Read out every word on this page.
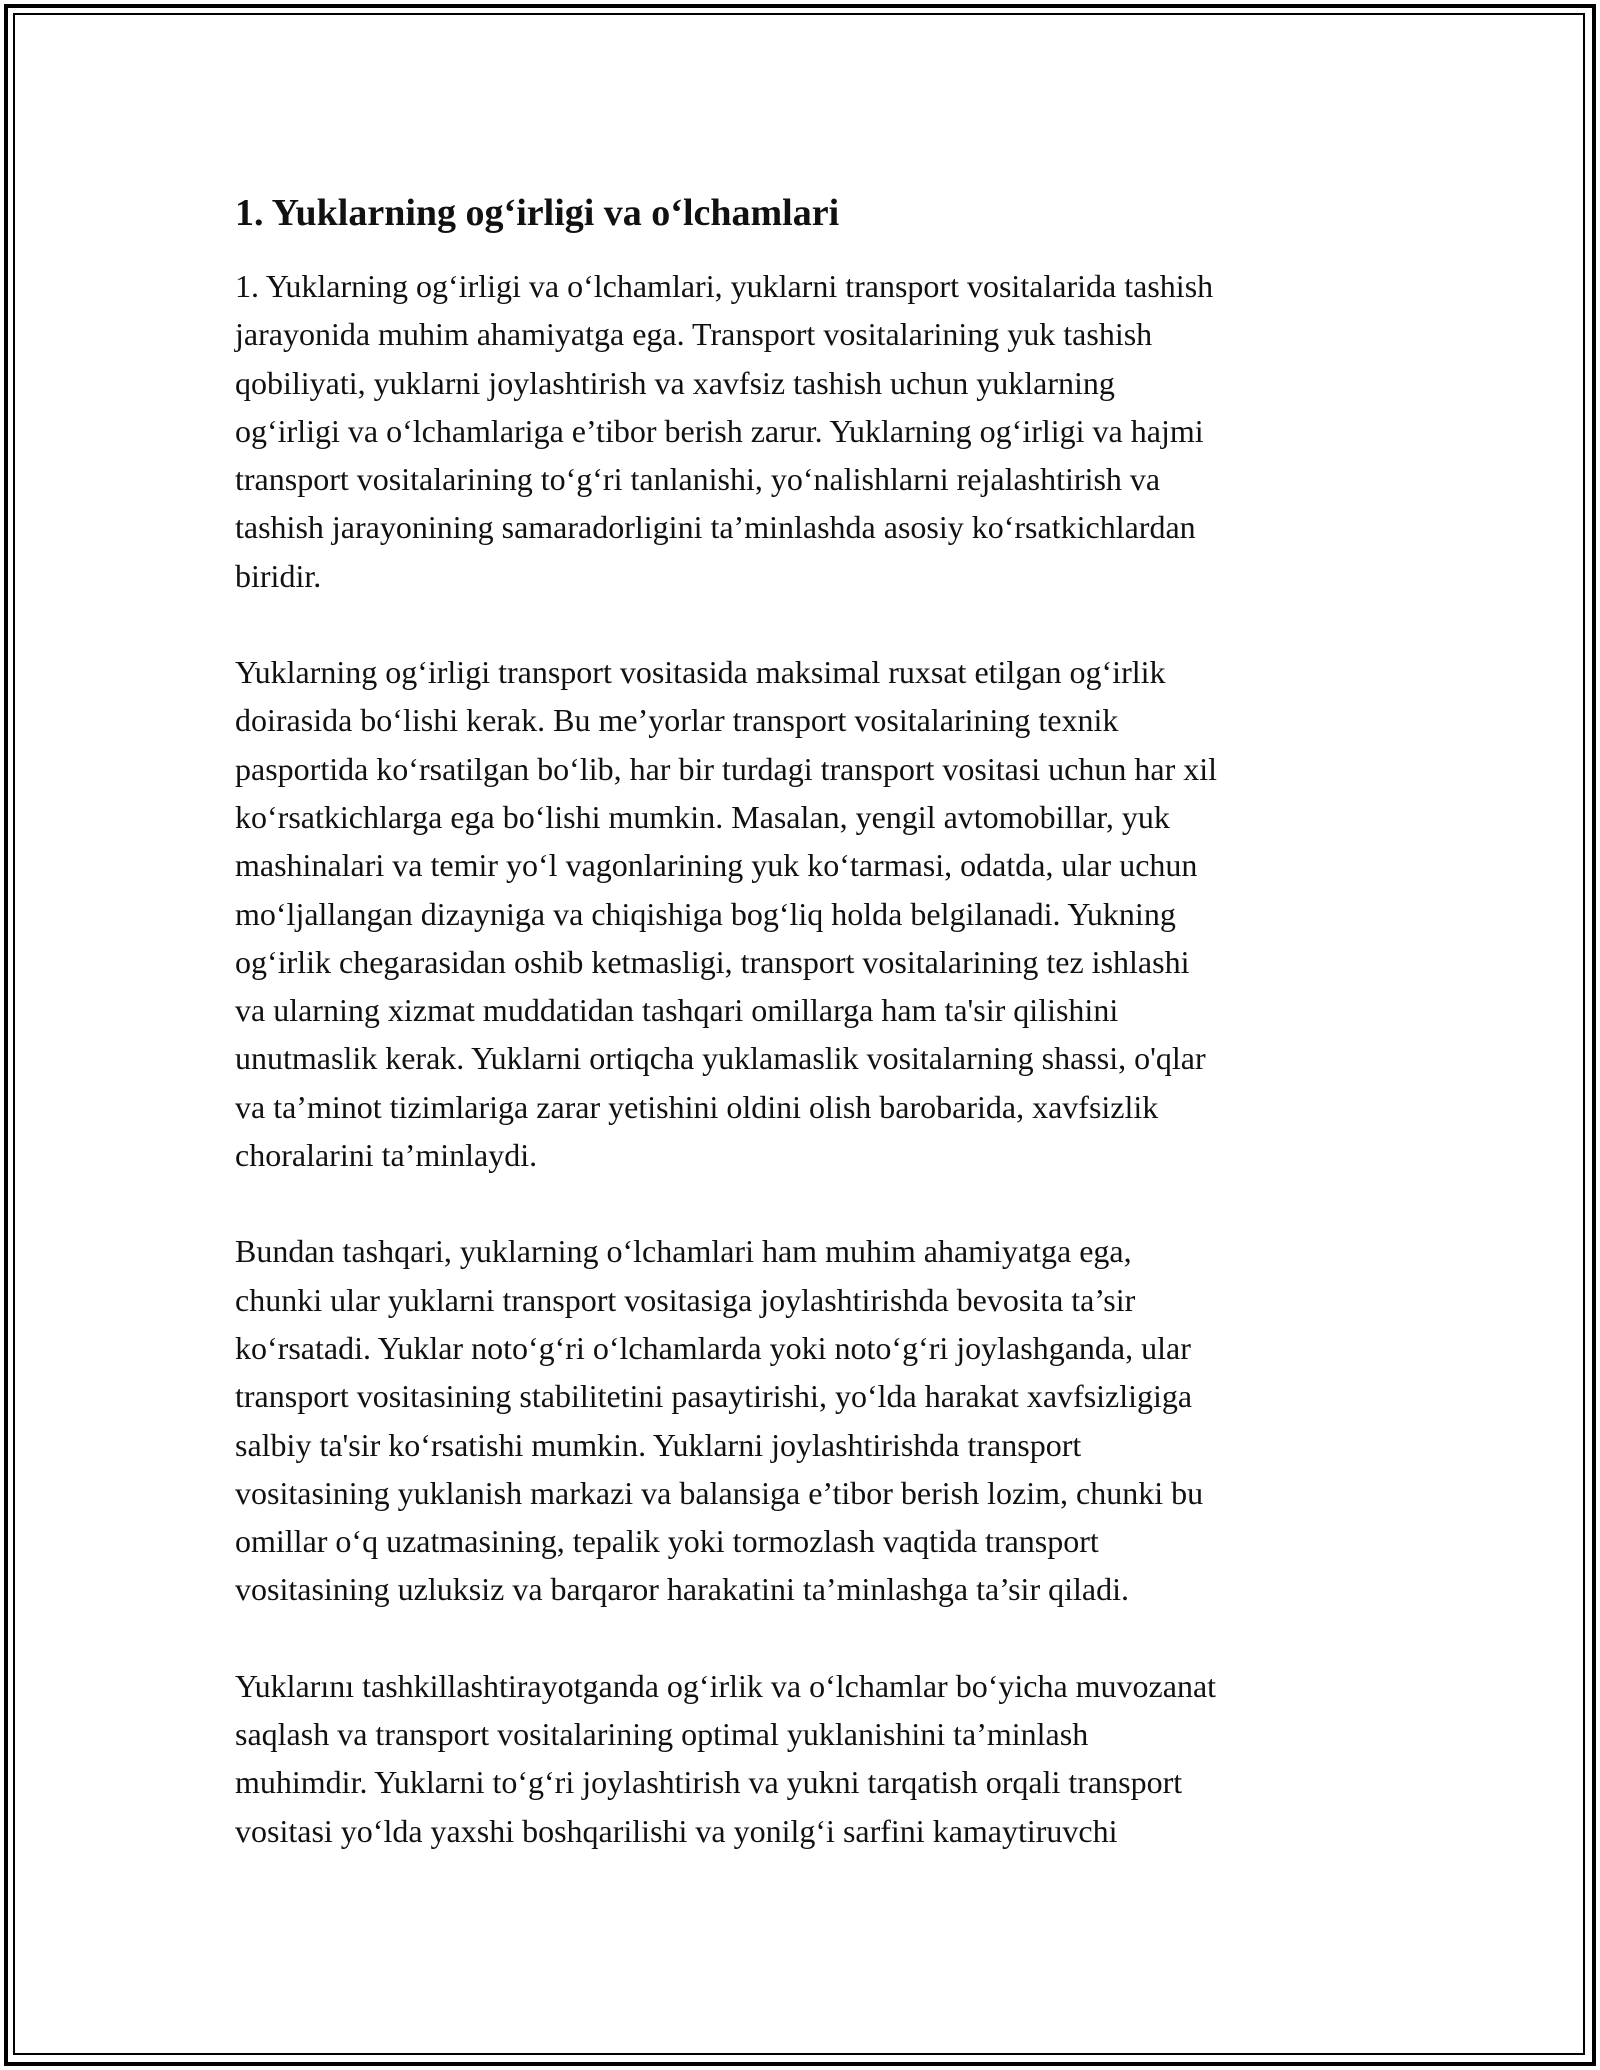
1. Yuklarning og‘irligi va o‘lchamlari
1. Yuklarning og‘irligi va o‘lchamlari, yuklarni transport vositalarida tashish
jarayonida muhim ahamiyatga ega. Transport vositalarining yuk tashish
qobiliyati, yuklarni joylashtirish va xavfsiz tashish uchun yuklarning
og‘irligi va o‘lchamlariga e’tibor berish zarur. Yuklarning og‘irligi va hajmi
transport vositalarining to‘g‘ri tanlanishi, yo‘nalishlarni rejalashtirish va
tashish jarayonining samaradorligini ta’minlashda asosiy ko‘rsatkichlardan
biridir.
Yuklarning og‘irligi transport vositasida maksimal ruxsat etilgan og‘irlik
doirasida bo‘lishi kerak. Bu me’yorlar transport vositalarining texnik
pasportida ko‘rsatilgan bo‘lib, har bir turdagi transport vositasi uchun har xil
ko‘rsatkichlarga ega bo‘lishi mumkin. Masalan, yengil avtomobillar, yuk
mashinalari va temir yo‘l vagonlarining yuk ko‘tarmasi, odatda, ular uchun
mo‘ljallangan dizayniga va chiqishiga bog‘liq holda belgilanadi. Yukning
og‘irlik chegarasidan oshib ketmasligi, transport vositalarining tez ishlashi
va ularning xizmat muddatidan tashqari omillarga ham ta'sir qilishini
unutmaslik kerak. Yuklarni ortiqcha yuklamaslik vositalarning shassi, o'qlar
va ta’minot tizimlariga zarar yetishini oldini olish barobarida, xavfsizlik
choralarini ta’minlaydi.
Bundan tashqari, yuklarning o‘lchamlari ham muhim ahamiyatga ega,
chunki ular yuklarni transport vositasiga joylashtirishda bevosita ta’sir
ko‘rsatadi. Yuklar noto‘g‘ri o‘lchamlarda yoki noto‘g‘ri joylashganda, ular
transport vositasining stabilitetini pasaytirishi, yo‘lda harakat xavfsizligiga
salbiy ta'sir ko‘rsatishi mumkin. Yuklarni joylashtirishda transport
vositasining yuklanish markazi va balansiga e’tibor berish lozim, chunki bu
omillar o‘q uzatmasining, tepalik yoki tormozlash vaqtida transport
vositasining uzluksiz va barqaror harakatini ta’minlashga ta’sir qiladi.
Yuklarını tashkillashtirayotganda og‘irlik va o‘lchamlar bo‘yicha muvozanat
saqlash va transport vositalarining optimal yuklanishini ta’minlash
muhimdir. Yuklarni to‘g‘ri joylashtirish va yukni tarqatish orqali transport
vositasi yo‘lda yaxshi boshqarilishi va yonilg‘i sarfini kamaytiruvchi
